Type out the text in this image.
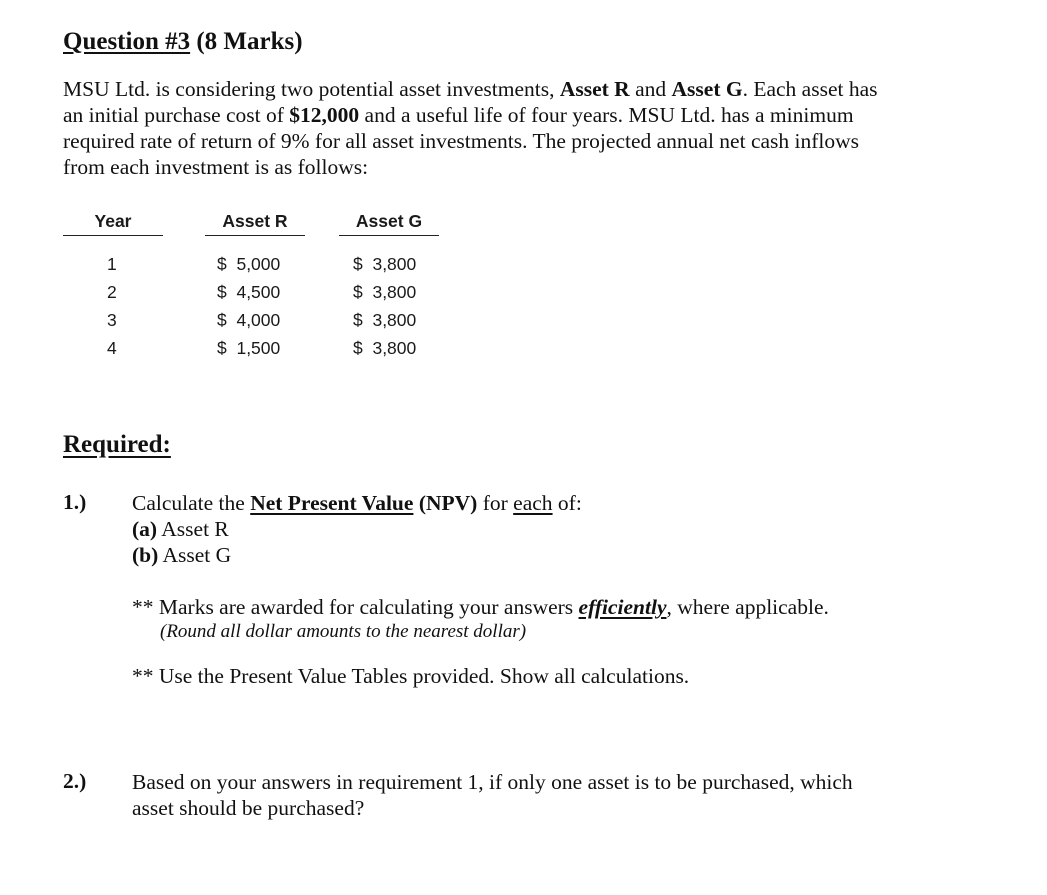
Question #3 (8 Marks)
MSU Ltd. is considering two potential asset investments, Asset R and Asset G. Each asset has
an initial purchase cost of $12,000 and a useful life of four years. MSU Ltd. has a minimum
required rate of return of 9% for all asset investments. The projected annual net cash inflows
from each investment is as follows:
Year	Asset R	Asset G
1	$  5,000	$  3,800
2	$  4,500	$  3,800
3	$  4,000	$  3,800
4	$  1,500	$  3,800
Required:
1.) Calculate the Net Present Value (NPV) for each of:
(a) Asset R
(b) Asset G
** Marks are awarded for calculating your answers efficiently, where applicable.
(Round all dollar amounts to the nearest dollar)
** Use the Present Value Tables provided. Show all calculations.
2.) Based on your answers in requirement 1, if only one asset is to be purchased, which
asset should be purchased?
